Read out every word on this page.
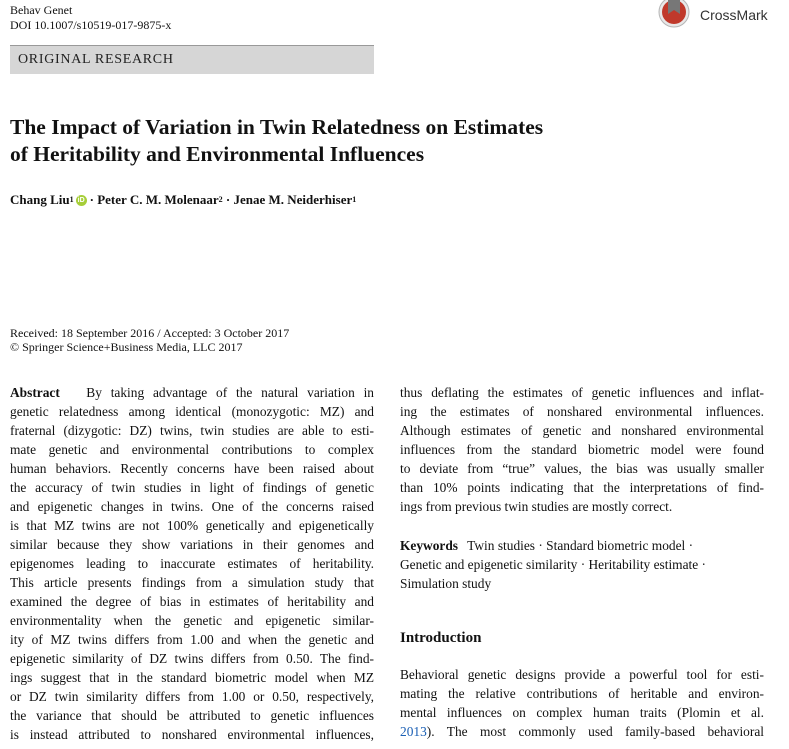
Behav Genet
DOI 10.1007/s10519-017-9875-x
CrossMark
ORIGINAL RESEARCH
The Impact of Variation in Twin Relatedness on Estimates
of Heritability and Environmental Influences
Chang Liu 1 iD ·
Peter C. M. Molenaar 2
·
Jenae M. Neiderhiser 1
Received: 18 September 2016 / Accepted: 3 October 2017
© Springer Science+Business Media, LLC 2017
Abstract By taking advantage of the natural variation in
genetic relatedness among identical (monozygotic: MZ) and
fraternal (dizygotic: DZ) twins, twin studies are able to esti-
mate genetic and environmental contributions to complex
human behaviors. Recently concerns have been raised about
the accuracy of twin studies in light of findings of genetic
and epigenetic changes in twins. One of the concerns raised
is that MZ twins are not 100% genetically and epigenetically
similar because they show variations in their genomes and
epigenomes leading to inaccurate estimates of heritability.
This article presents findings from a simulation study that
examined the degree of bias in estimates of heritability and
environmentality when the genetic and epigenetic similar-
ity of MZ twins differs from 1.00 and when the genetic and
epigenetic similarity of DZ twins differs from 0.50. The find-
ings suggest that in the standard biometric model when MZ
or DZ twin similarity differs from 1.00 or 0.50, respectively,
the variance that should be attributed to genetic influences
is instead attributed to nonshared environmental influences,
thus deflating the estimates of genetic influences and inflat-
ing the estimates of nonshared environmental influences.
Although estimates of genetic and nonshared environmental
influences from the standard biometric model were found
to deviate from “true” values, the bias was usually smaller
than 10% points indicating that the interpretations of find-
ings from previous twin studies are mostly correct.
Keywords Twin studies · Standard biometric model ·
Genetic and epigenetic similarity · Heritability estimate ·
Simulation study
Introduction
Behavioral genetic designs provide a powerful tool for esti-
mating the relative contributions of heritable and environ-
mental influences on complex human traits (Plomin et al.
2013). The most commonly used family-based behavioral
